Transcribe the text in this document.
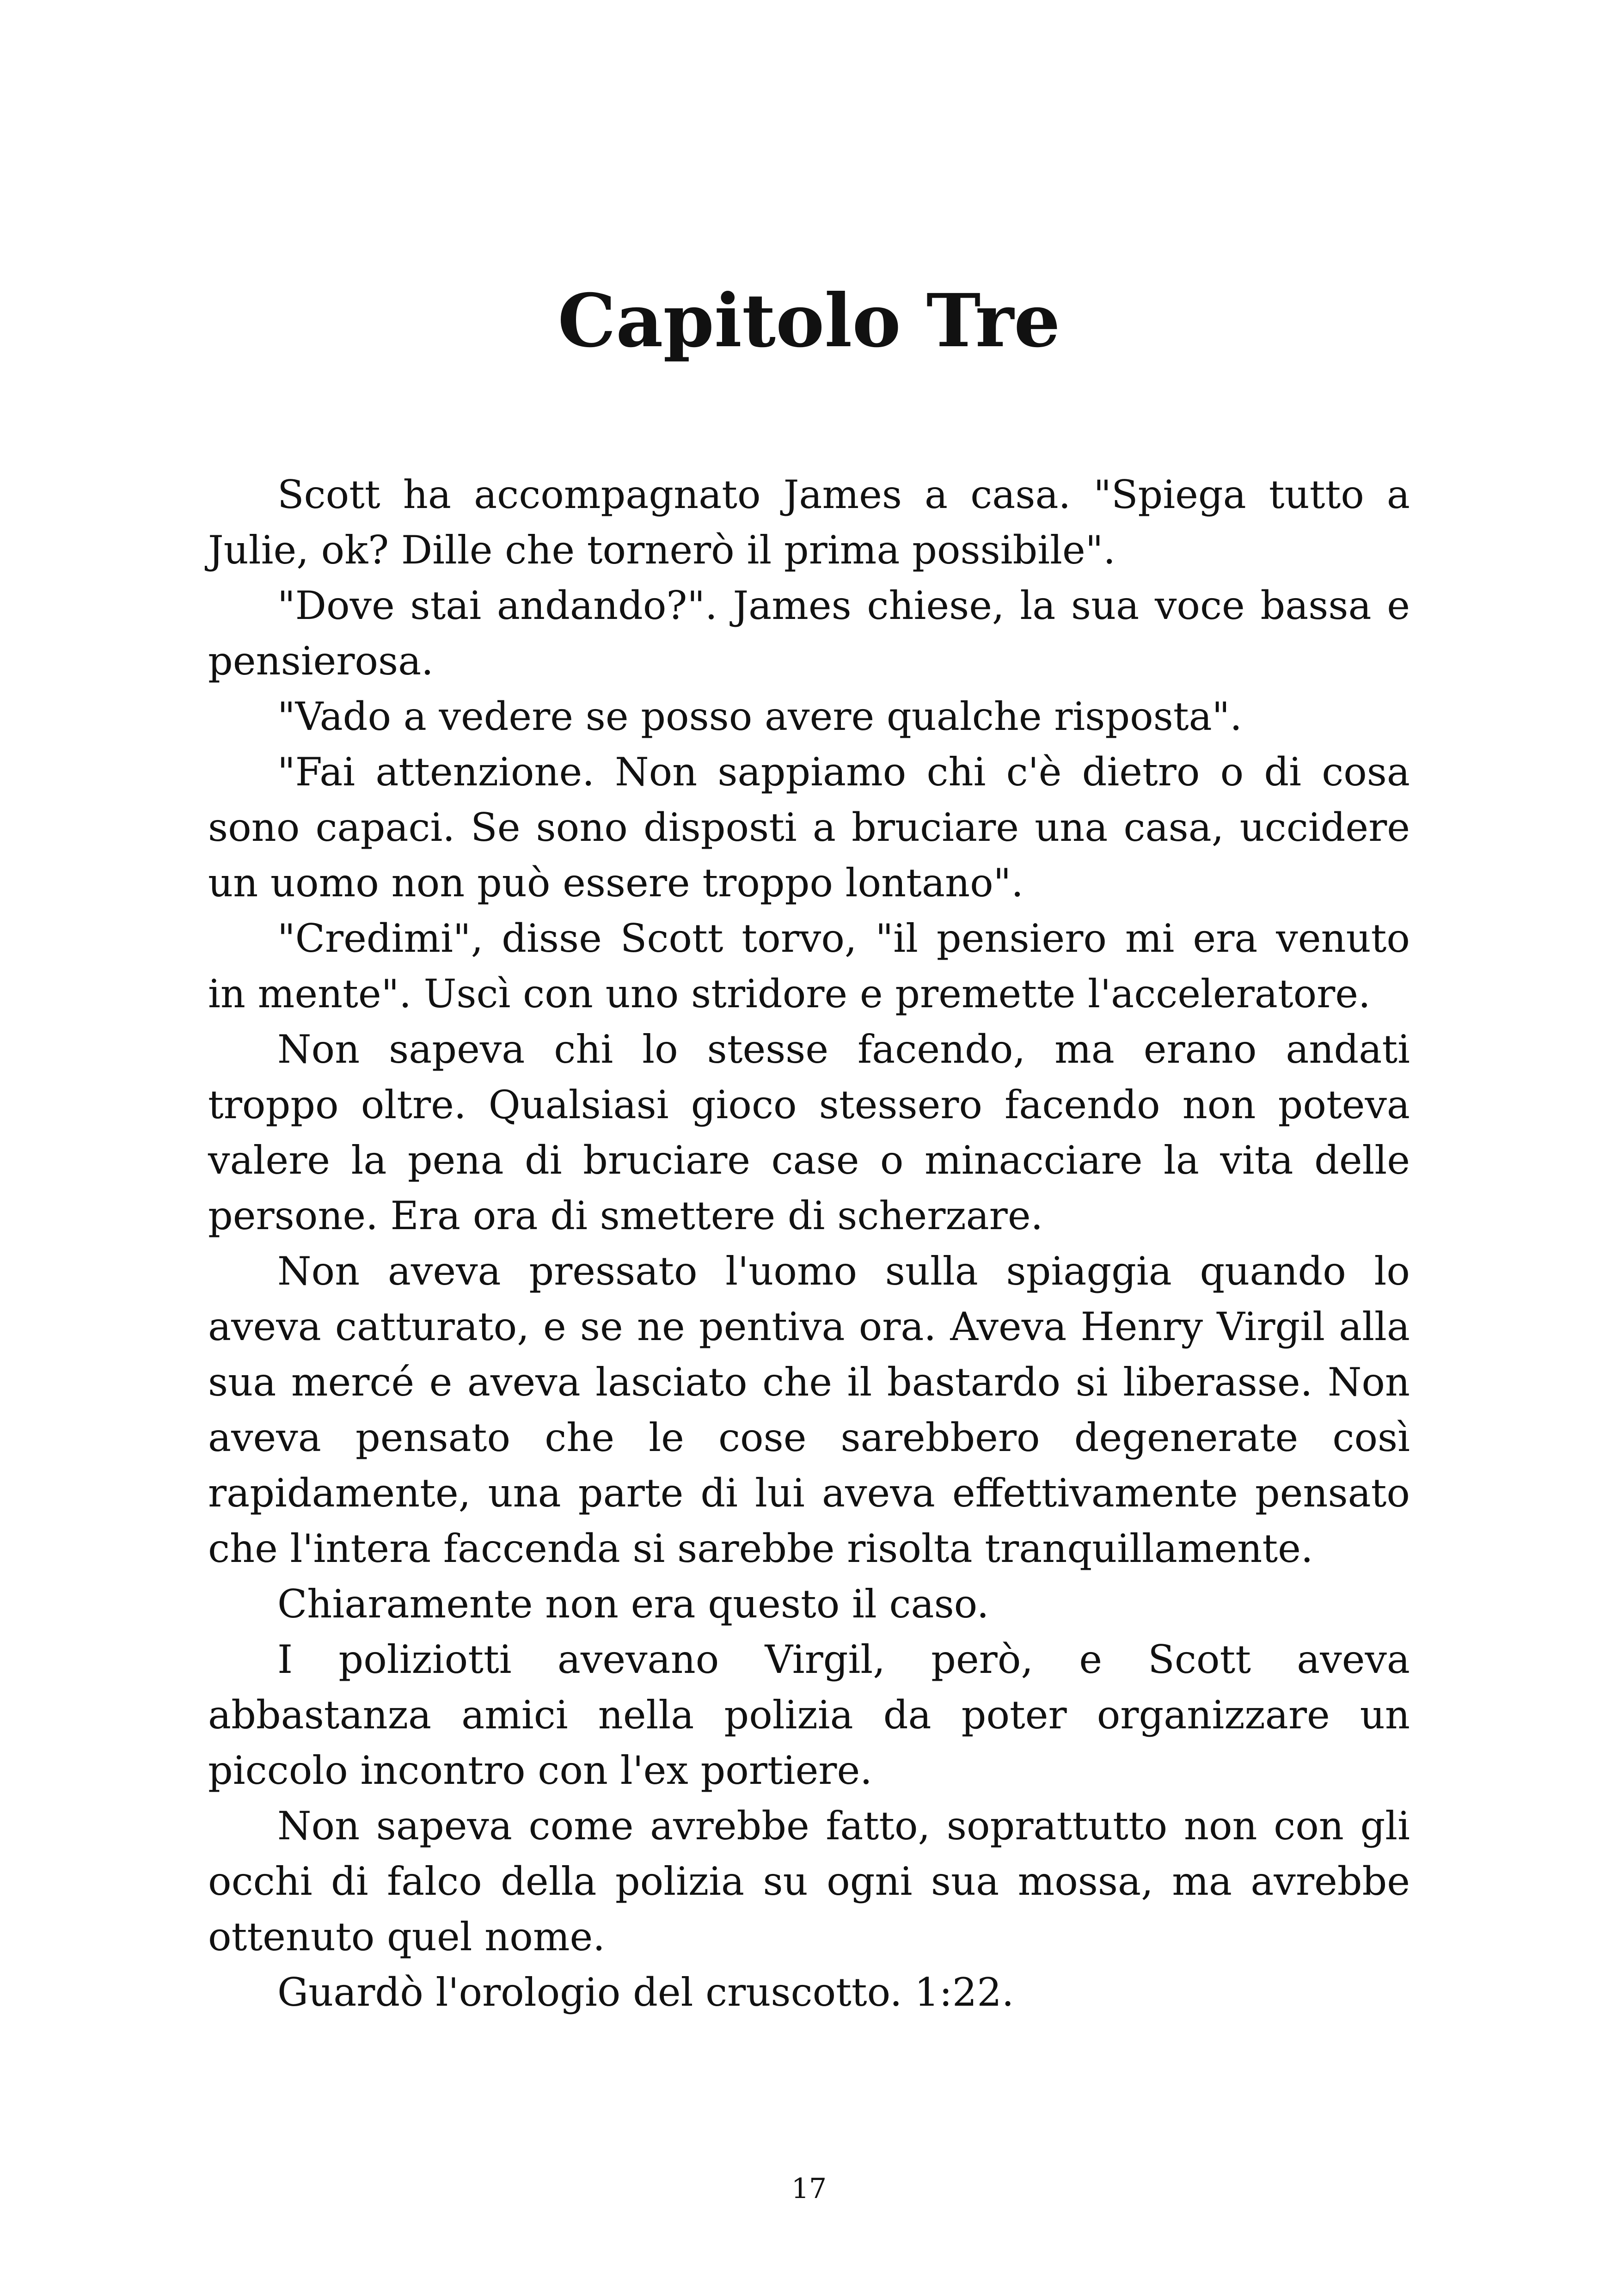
Capitolo Tre

Scott ha accompagnato James a casa. "Spiega tutto a Julie, ok? Dille che tornerò il prima possibile".

"Dove stai andando?". James chiese, la sua voce bassa e pensierosa.

"Vado a vedere se posso avere qualche risposta".

"Fai attenzione. Non sappiamo chi c'è dietro o di cosa sono capaci. Se sono disposti a bruciare una casa, uccidere un uomo non può essere troppo lontano".

"Credimi", disse Scott torvo, "il pensiero mi era venuto in mente". Uscì con uno stridore e premette l'acceleratore.

Non sapeva chi lo stesse facendo, ma erano andati troppo oltre. Qualsiasi gioco stessero facendo non poteva valere la pena di bruciare case o minacciare la vita delle persone. Era ora di smettere di scherzare.

Non aveva pressato l'uomo sulla spiaggia quando lo aveva catturato, e se ne pentiva ora. Aveva Henry Virgil alla sua mercé e aveva lasciato che il bastardo si liberasse. Non aveva pensato che le cose sarebbero degenerate così rapidamente, una parte di lui aveva effettivamente pensato che l'intera faccenda si sarebbe risolta tranquillamente.

Chiaramente non era questo il caso.

I poliziotti avevano Virgil, però, e Scott aveva abbastanza amici nella polizia da poter organizzare un piccolo incontro con l'ex portiere.

Non sapeva come avrebbe fatto, soprattutto non con gli occhi di falco della polizia su ogni sua mossa, ma avrebbe ottenuto quel nome.

Guardò l'orologio del cruscotto. 1:22.

17
